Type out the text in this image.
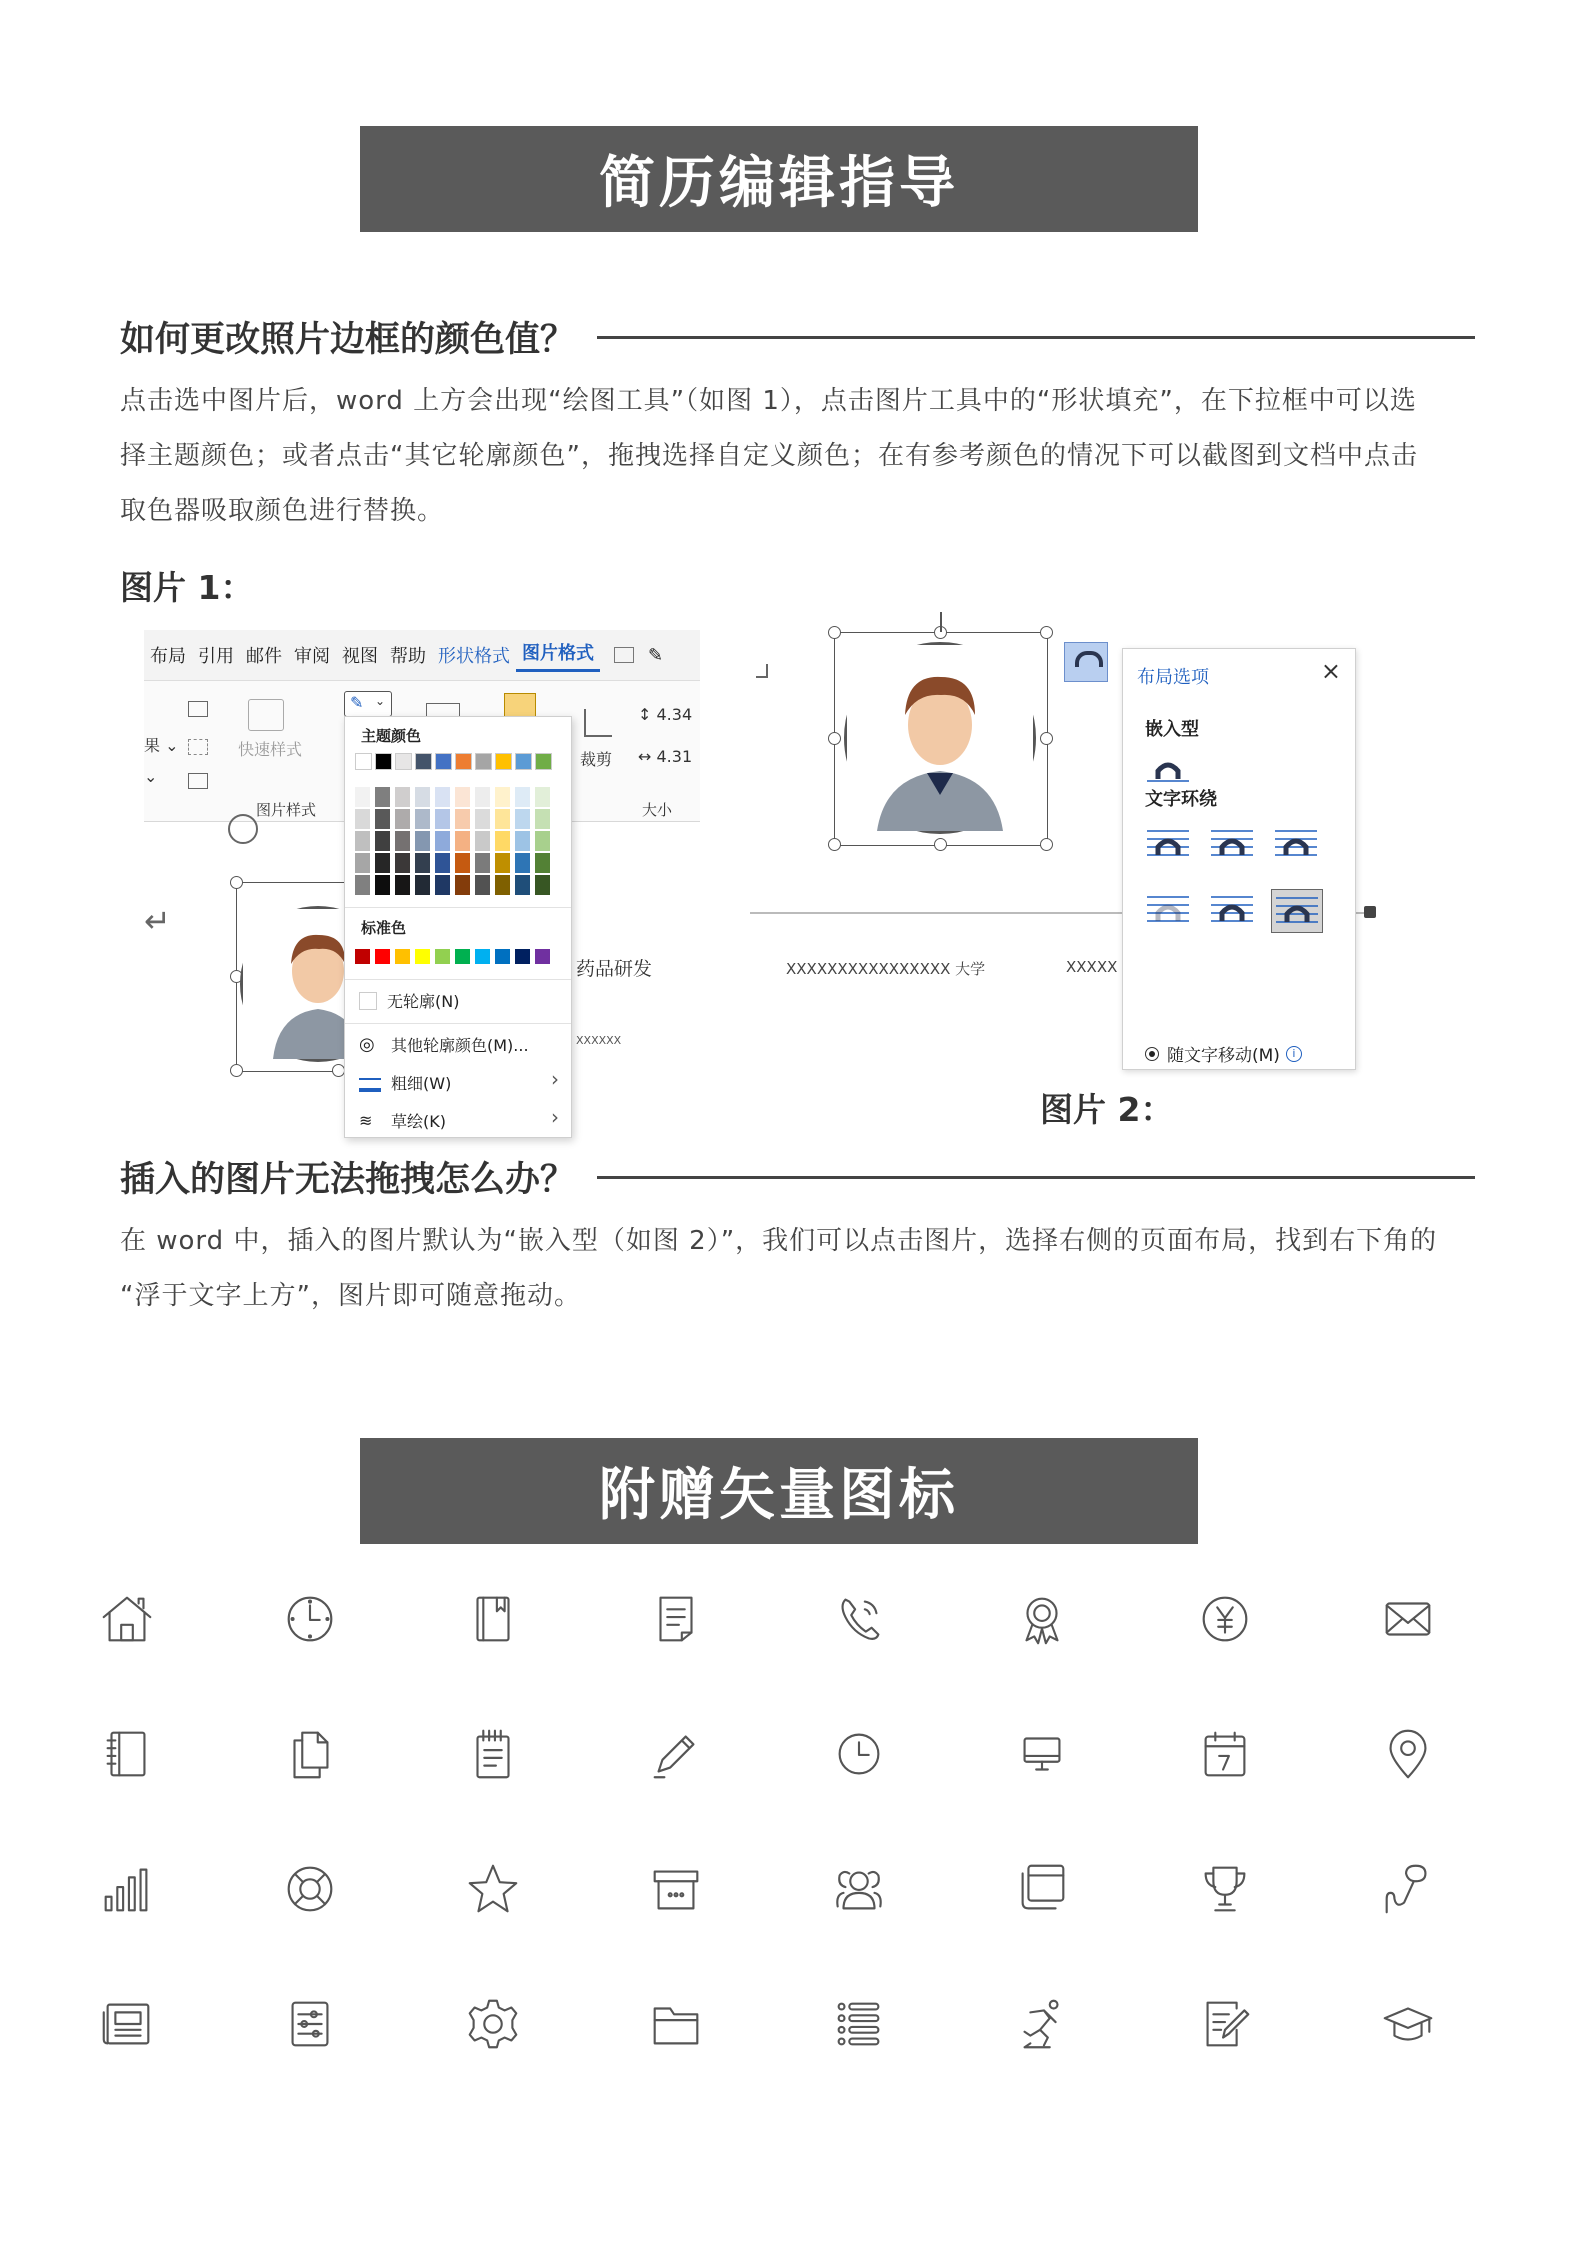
简历编辑指导
如何更改照片边框的颜色值？
点击选中图片后，word 上方会出现“绘图工具”（如图 1），点击图片工具中的“形状填充”，在下拉框中可以选
择主题颜色；或者点击“其它轮廓颜色”，拖拽选择自定义颜色；在有参考颜色的情况下可以截图到文档中点击
取色器吸取颜色进行替换。
图片 1：
布局 引用 邮件 审阅 视图 帮助 形状格式 图片格式	✎
果 ⌄
⌄
快速样式
图片样式
✎ ⌄
裁剪
↕ 4.34
↔ 4.31
大小
↵
药品研发
XXXXXX
主题颜色
标准色
无轮廓(N)
◎	其他轮廓颜色(M)...
粗细(W)	›
≋	草绘(K)	›
XXXXXXXXXXXXXXXX 大学	XXXXX
布局选项	×
嵌入型
文字环绕
随文字移动(M)	i
图片 2：
插入的图片无法拖拽怎么办？
在 word 中，插入的图片默认为“嵌入型（如图 2）”，我们可以点击图片，选择右侧的页面布局，找到右下角的
“浮于文字上方”，图片即可随意拖动。
附赠矢量图标
